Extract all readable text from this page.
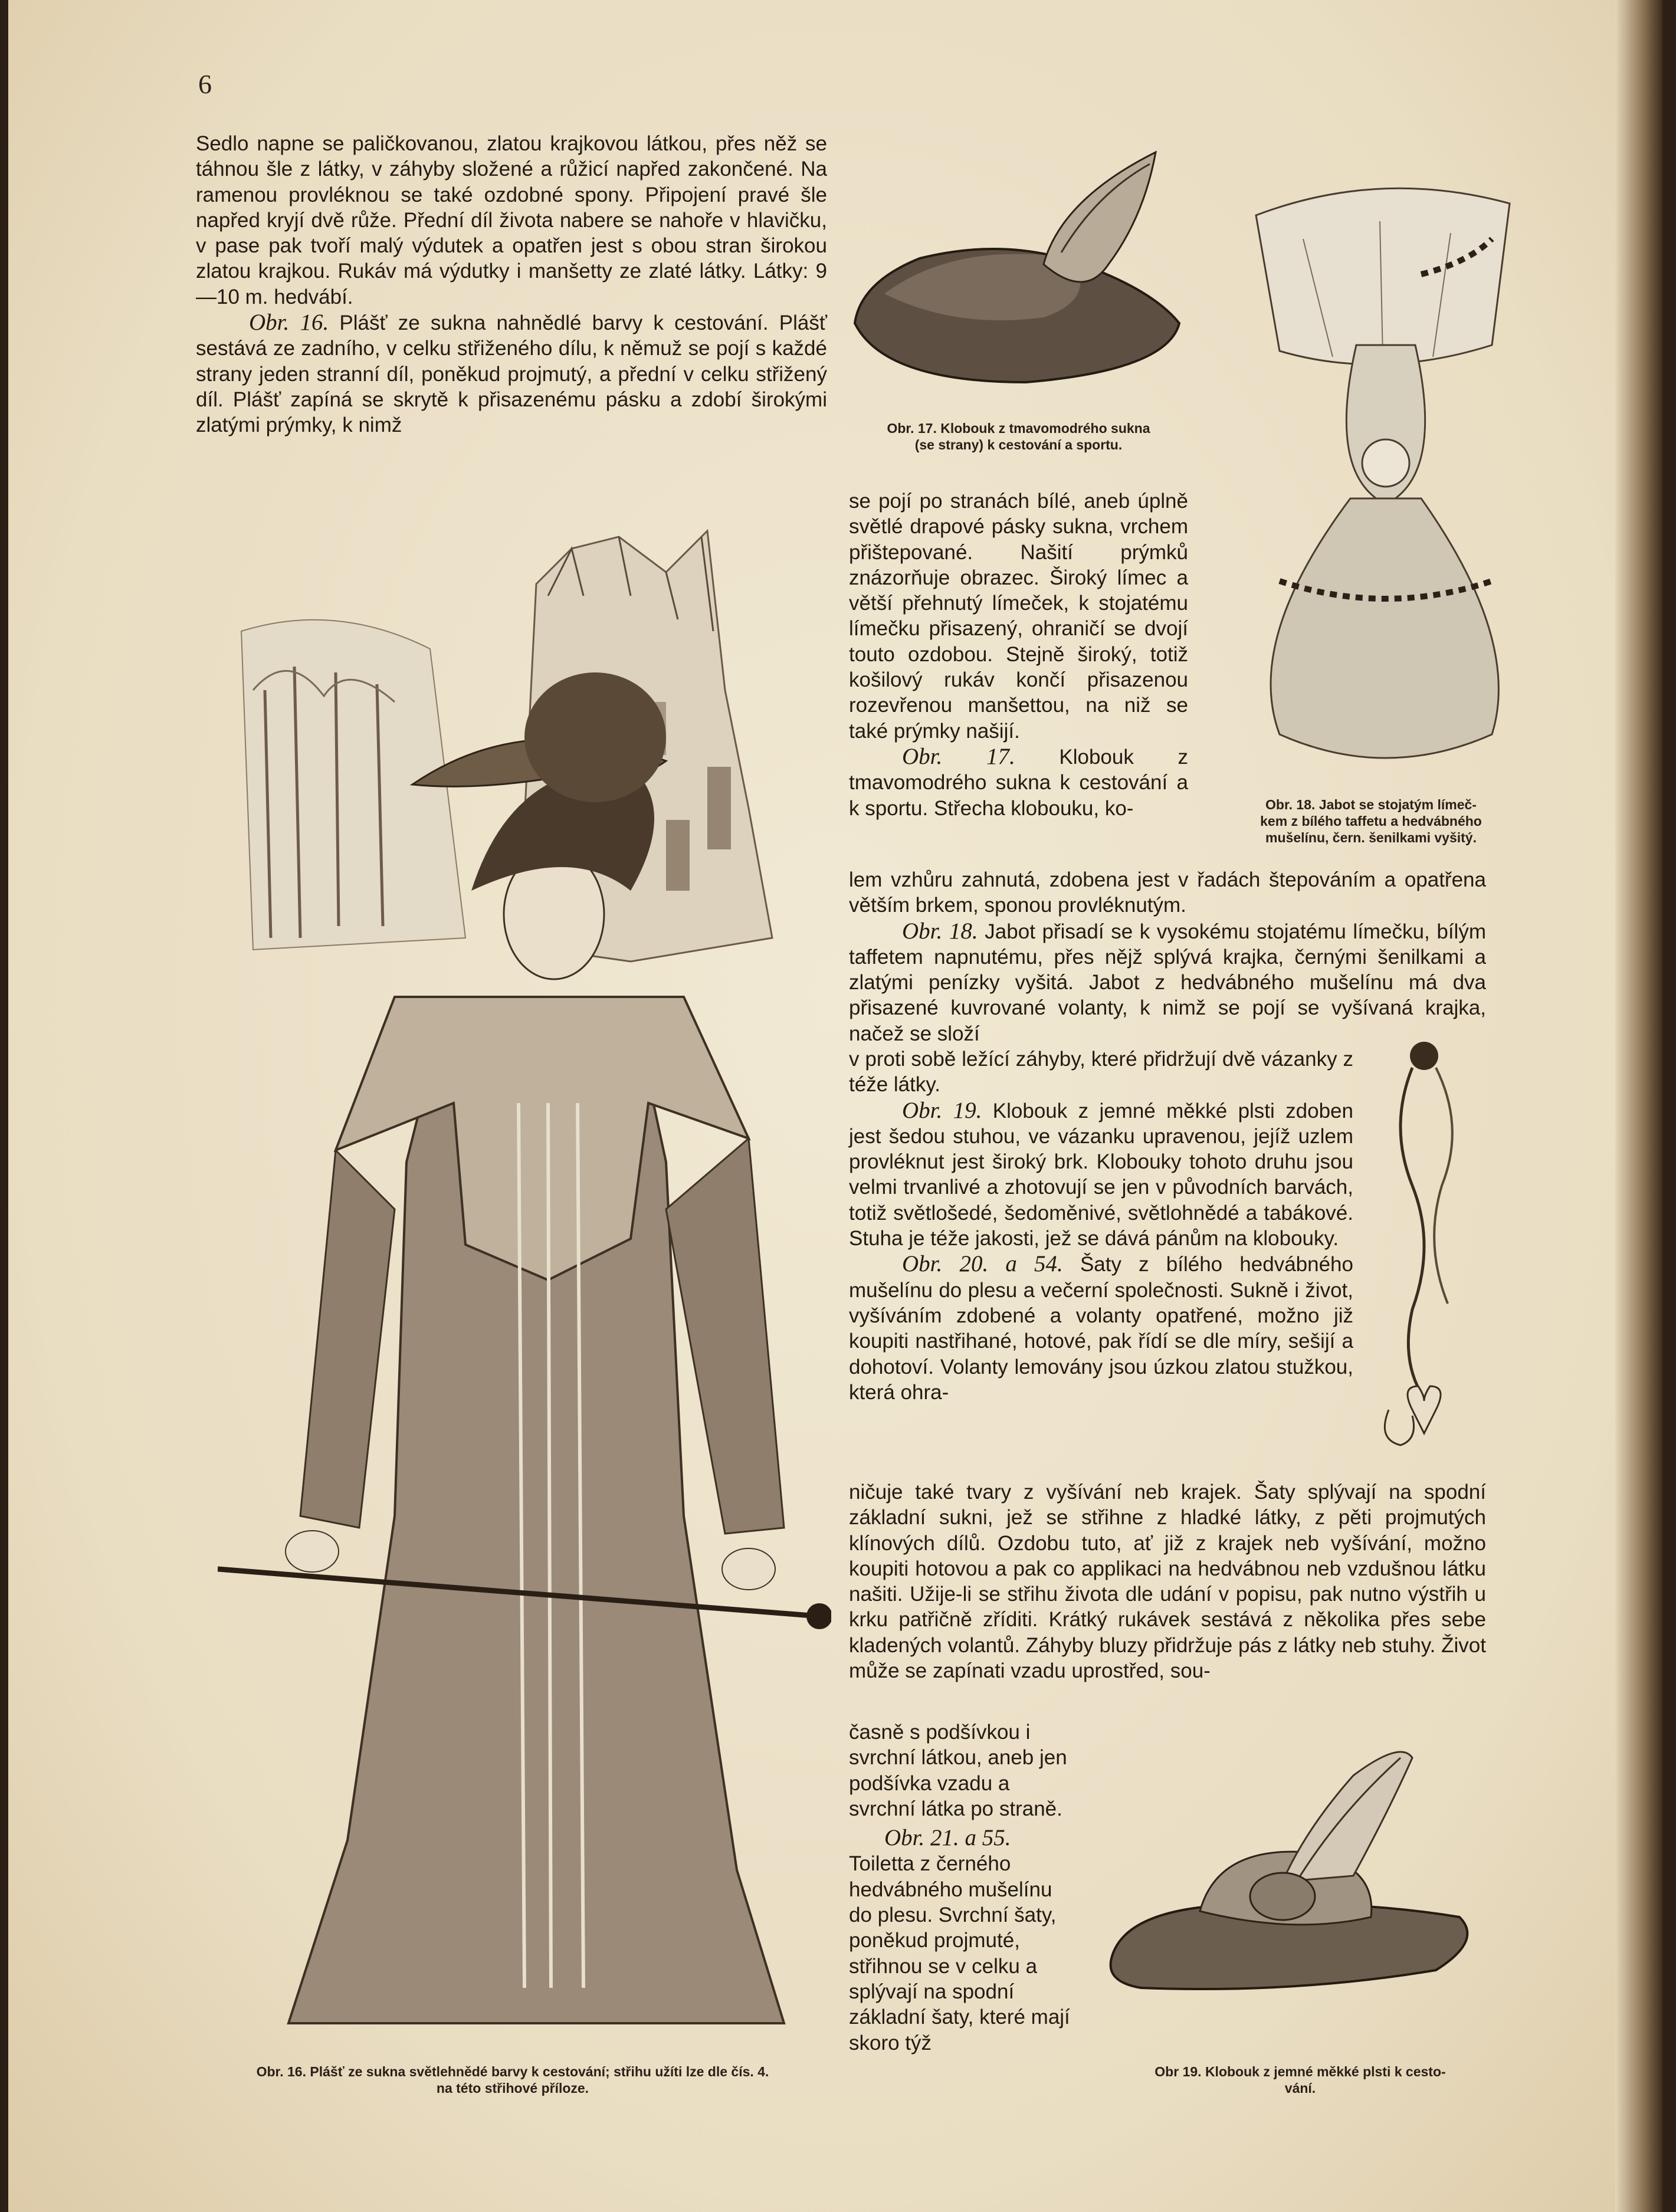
6

Sedlo napne se paličkovanou, zlatou krajkovou látkou, přes něž se táhnou šle z látky, v záhyby složené a růžicí napřed zakončené. Na ramenou provléknou se také ozdobné spony. Připojení pravé šle napřed kryjí dvě růže. Přední díl života nabere se nahoře v hlavičku, v pase pak tvoří malý výdutek a opatřen jest s obou stran širokou zlatou krajkou. Rukáv má výdutky i manšetty ze zlaté látky. Látky: 9—10 m. hedvábí.

Obr. 16. Plášť ze sukna nahnědlé barvy k cestování. Plášť sestává ze zadního, v celku střiženého dílu, k němuž se pojí s každé strany jeden stranní díl, poněkud projmutý, a přední v celku střižený díl. Plášť zapíná se skrytě k přisazenému pásku a zdobí širokými zlatými prýmky, k nimž

Obr. 16. Plášť ze sukna světlehnědé barvy k cestování; střihu užíti lze dle čís. 4.
na této střihové příloze.
Obr. 17. Klobouk z tmavomodrého sukna
(se strany) k cestování a sportu.
Obr. 18. Jabot se stojatým límeč-
kem z bílého taffetu a hedvábného
mušelínu, čern. šenilkami vyšitý.

se pojí po stranách bílé, aneb úplně světlé drapové pásky sukna, vrchem přištepované. Našití prýmků znázorňuje obrazec. Široký límec a větší přehnutý límeček, k stojatému límečku přisazený, ohraničí se dvojí touto ozdobou. Stejně široký, totiž košilový rukáv končí přisazenou rozevřenou manšettou, na niž se také prýmky našijí.

Obr. 17. Klobouk z tmavomodrého sukna k cestování a k sportu. Střecha klobouku, ko-

lem vzhůru zahnutá, zdobena jest v řadách štepováním a opatřena větším brkem, sponou provléknutým.

Obr. 18. Jabot přisadí se k vysokému stojatému límečku, bílým taffetem napnutému, přes nějž splývá krajka, černými šenilkami a zlatými penízky vyšitá. Jabot z hedvábného mušelínu má dva přisazené kuvrované volanty, k nimž se pojí se vyšívaná krajka, načež se složí

v proti sobě ležící záhyby, které přidržují dvě vázanky z téže látky.

Obr. 19. Klobouk z jemné měkké plsti zdoben jest šedou stuhou, ve vázanku upravenou, jejíž uzlem provléknut jest široký brk. Klobouky tohoto druhu jsou velmi trvanlivé a zhotovují se jen v původních barvách, totiž světlošedé, šedoměnivé, světlohnědé a tabákové. Stuha je téže jakosti, jež se dává pánům na klobouky.

Obr. 20. a 54. Šaty z bílého hedvábného mušelínu do plesu a večerní společnosti. Sukně i život, vyšíváním zdobené a volanty opatřené, možno již koupiti nastřihané, hotové, pak řídí se dle míry, sešijí a dohotoví. Volanty lemovány jsou úzkou zlatou stužkou, která ohra-

ničuje také tvary z vyšívání neb krajek. Šaty splývají na spodní základní sukni, jež se střihne z hladké látky, z pěti projmutých klínových dílů. Ozdobu tuto, ať již z krajek neb vyšívání, možno koupiti hotovou a pak co applikaci na hedvábnou neb vzdušnou látku našiti. Užije-li se střihu života dle udání v popisu, pak nutno výstřih u krku patřičně zříditi. Krátký rukávek sestává z několika přes sebe kladených volantů. Záhyby bluzy přidržuje pás z látky neb stuhy. Život může se zapínati vzadu uprostřed, sou-

časně s podšívkou i svrchní látkou, aneb jen podšívka vzadu a svrchní látka po straně.

Obr. 21. a 55. Toiletta z černého hedvábného mušelínu do plesu. Svrchní šaty, poněkud projmuté, střihnou se v celku a splývají na spodní základní šaty, které mají skoro týž

Obr 19. Klobouk z jemné měkké plsti k cesto-
vání.
